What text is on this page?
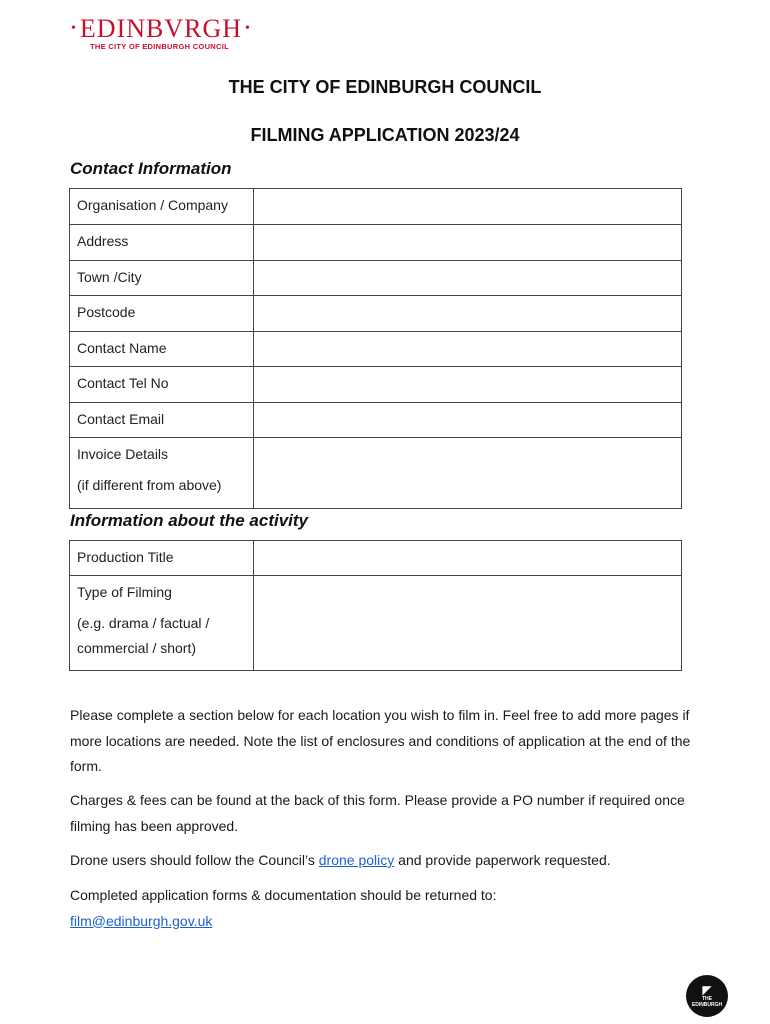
• EDINBVRGH •
THE CITY OF EDINBURGH COUNCIL
THE CITY OF EDINBURGH COUNCIL
FILMING APPLICATION 2023/24
Contact Information
Organisation / Company	
Address	
Town /City	
Postcode	
Contact Name	
Contact Tel No	
Contact Email	
Invoice Details
(if different from above)	

Information about the activity
Production Title	
Type of Filming
(e.g. drama / factual /
commercial / short)	

Please complete a section below for each location you wish to film in. Feel free to add more pages if more locations are needed. Note the list of enclosures and conditions of application at the end of the form.
Charges & fees can be found at the back of this form. Please provide a PO number if required once filming has been approved.
Drone users should follow the Council’s drone policy and provide paperwork requested.
Completed application forms & documentation should be returned to:
film@edinburgh.gov.uk
◤
THE
EDINBURGH
